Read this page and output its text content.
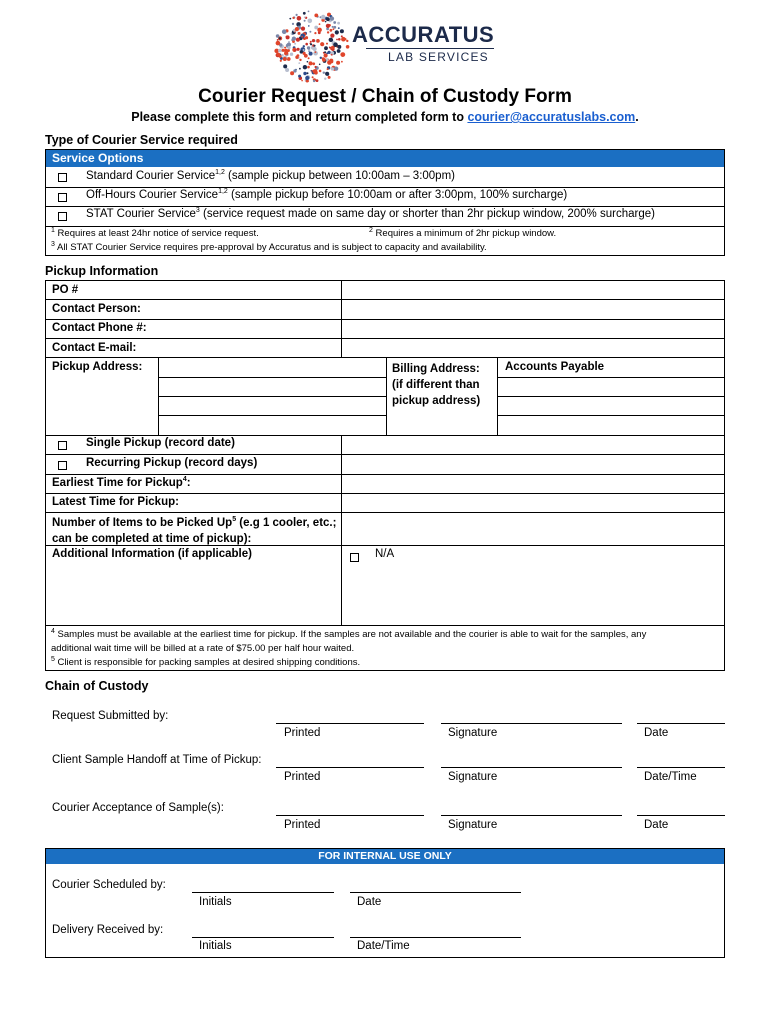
ACCURATUS
LAB SERVICES
Courier Request / Chain of Custody Form
Please complete this form and return completed form to courier@accuratuslabs.com.
Type of Courier Service required
Service Options
Standard Courier Service$^{1,2}$ (sample pickup between 10:00am – 3:00pm)
Off-Hours Courier Service$^{1,2}$ (sample pickup before 10:00am or after 3:00pm, 100% surcharge)
STAT Courier Service$^3$ (service request made on same day or shorter than 2hr pickup window, 200% surcharge)
$^1$ Requires at least 24hr notice of service request.	$^2$ Requires a minimum of 2hr pickup window.
$^3$ All STAT Courier Service requires pre-approval by Accuratus and is subject to capacity and availability.
Pickup Information
PO #
Contact Person:
Contact Phone #:
Contact E-mail:
Pickup Address:	Billing Address:
(if different than
pickup address)
Accounts Payable
Single Pickup (record date)
Recurring Pickup (record days)
Earliest Time for Pickup$^4$:
Latest Time for Pickup:
Number of Items to be Picked Up$^5$ (e.g 1 cooler, etc.;
can be completed at time of pickup):
Additional Information (if applicable)	N/A
$^4$ Samples must be available at the earliest time for pickup. If the samples are not available and the courier is able to wait for the samples, any
additional wait time will be billed at a rate of $75.00 per half hour waited.
$^5$ Client is responsible for packing samples at desired shipping conditions.
Chain of Custody
Request Submitted by:
Printed	Signature	Date
Client Sample Handoff at Time of Pickup:
Printed	Signature	Date/Time
Courier Acceptance of Sample(s):
Printed	Signature	Date
FOR INTERNAL USE ONLY
Courier Scheduled by:
Initials	Date
Delivery Received by:
Initials	Date/Time
